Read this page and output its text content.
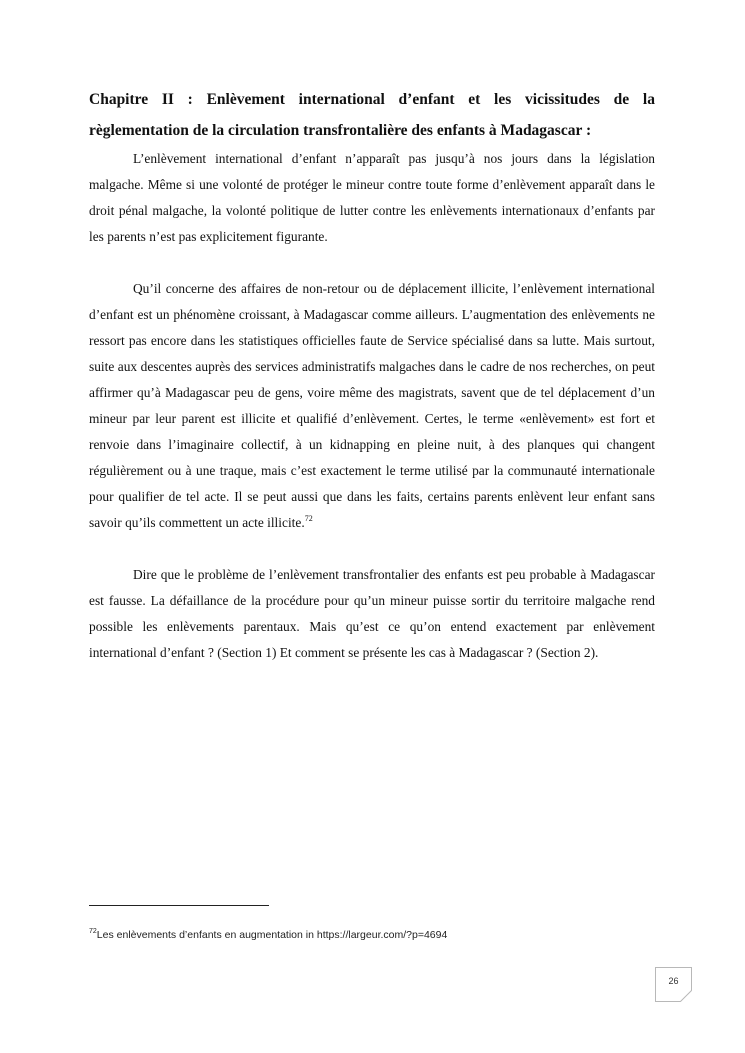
Chapitre II : Enlèvement international d’enfant et les vicissitudes de la règlementation de la circulation transfrontalière des enfants à Madagascar :

L’enlèvement international d’enfant n’apparaît pas jusqu’à nos jours dans la législation malgache. Même si une volonté de protéger le mineur contre toute forme d’enlèvement apparaît dans le droit pénal malgache, la volonté politique de lutter contre les enlèvements internationaux d’enfants par les parents n’est pas explicitement figurante.

Qu’il concerne des affaires de non-retour ou de déplacement illicite, l’enlèvement international d’enfant est un phénomène croissant, à Madagascar comme ailleurs. L’augmentation des enlèvements ne ressort pas encore dans les statistiques officielles faute de Service spécialisé dans sa lutte. Mais surtout, suite aux descentes auprès des services administratifs malgaches dans le cadre de nos recherches, on peut affirmer qu’à Madagascar peu de gens, voire même des magistrats, savent que de tel déplacement d’un mineur par leur parent est illicite et qualifié d’enlèvement. Certes, le terme «enlèvement» est fort et renvoie dans l’imaginaire collectif, à un kidnapping en pleine nuit, à des planques qui changent régulièrement ou à une traque, mais c’est exactement le terme utilisé par la communauté internationale pour qualifier de tel acte. Il se peut aussi que dans les faits, certains parents enlèvent leur enfant sans savoir qu’ils commettent un acte illicite.$^{72}$

Dire que le problème de l’enlèvement transfrontalier des enfants est peu probable à Madagascar est fausse. La défaillance de la procédure pour qu’un mineur puisse sortir du territoire malgache rend possible les enlèvements parentaux. Mais qu’est ce qu’on entend exactement par enlèvement international d’enfant ? (Section 1) Et comment se présente les cas à Madagascar ? (Section 2).

$^{72}$Les enlèvements d’enfants en augmentation in https://largeur.com/?p=4694
26
